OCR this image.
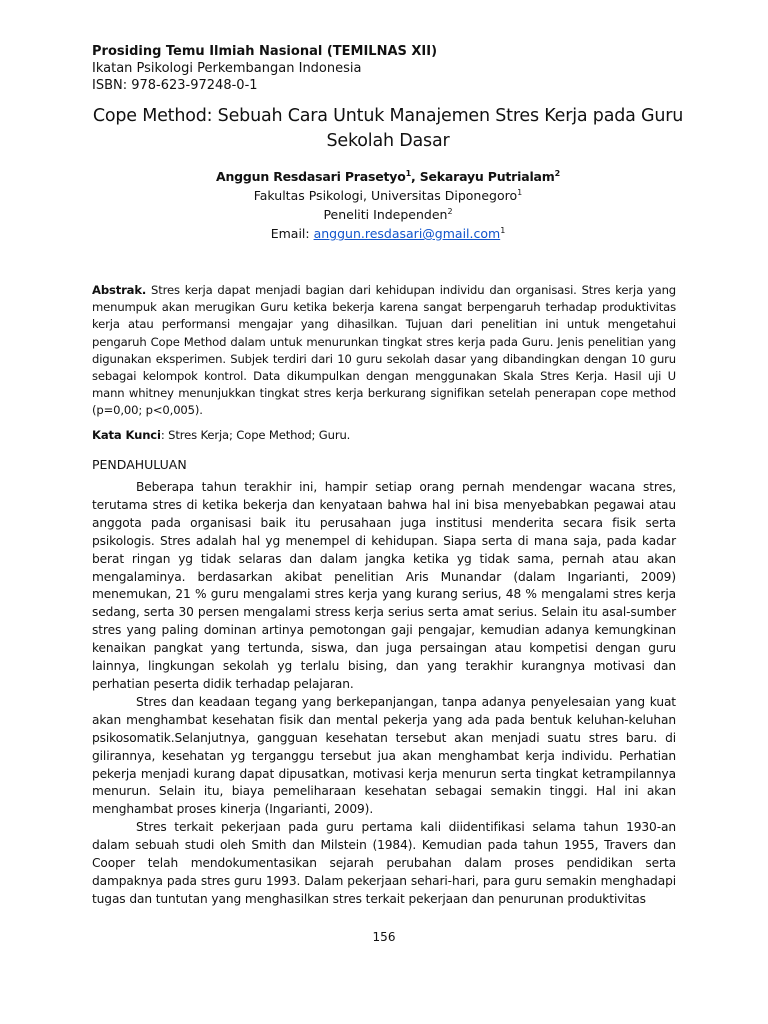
Prosiding Temu Ilmiah Nasional (TEMILNAS XII)
Ikatan Psikologi Perkembangan Indonesia
ISBN: 978-623-97248-0-1
Cope Method: Sebuah Cara Untuk Manajemen Stres Kerja pada Guru
Sekolah Dasar
Anggun Resdasari Prasetyo$^1$, Sekarayu Putrialam$^2$
Fakultas Psikologi, Universitas Diponegoro$^1$
Peneliti Independen$^2$
Email: anggun.resdasari@gmail.com$^1$
Abstrak. Stres kerja dapat menjadi bagian dari kehidupan individu dan organisasi. Stres kerja yang menumpuk akan merugikan Guru ketika bekerja karena sangat berpengaruh terhadap produktivitas kerja atau performansi mengajar yang dihasilkan. Tujuan dari penelitian ini untuk mengetahui pengaruh Cope Method dalam untuk menurunkan tingkat stres kerja pada Guru. Jenis penelitian yang digunakan eksperimen. Subjek terdiri dari 10 guru sekolah dasar yang dibandingkan dengan 10 guru sebagai kelompok kontrol. Data dikumpulkan dengan menggunakan Skala Stres Kerja. Hasil uji U mann whitney menunjukkan tingkat stres kerja berkurang signifikan setelah penerapan cope method (p=0,00; p<0,005).
Kata Kunci: Stres Kerja; Cope Method; Guru.
PENDAHULUAN

Beberapa tahun terakhir ini, hampir setiap orang pernah mendengar wacana stres, terutama stres di ketika bekerja dan kenyataan bahwa hal ini bisa menyebabkan pegawai atau anggota pada organisasi baik itu perusahaan juga institusi menderita secara fisik serta psikologis. Stres adalah hal yg menempel di kehidupan. Siapa serta di mana saja, pada kadar berat ringan yg tidak selaras dan dalam jangka ketika yg tidak sama, pernah atau akan mengalaminya. berdasarkan akibat penelitian Aris Munandar (dalam Ingarianti, 2009) menemukan, 21 % guru mengalami stres kerja yang kurang serius, 48 % mengalami stres kerja sedang, serta 30 persen mengalami stress kerja serius serta amat serius. Selain itu asal-sumber stres yang paling dominan artinya pemotongan gaji pengajar, kemudian adanya kemungkinan kenaikan pangkat yang tertunda, siswa, dan juga persaingan atau kompetisi dengan guru lainnya, lingkungan sekolah yg terlalu bising, dan yang terakhir kurangnya motivasi dan perhatian peserta didik terhadap pelajaran.

Stres dan keadaan tegang yang berkepanjangan, tanpa adanya penyelesaian yang kuat akan menghambat kesehatan fisik dan mental pekerja yang ada pada bentuk keluhan-keluhan psikosomatik.Selanjutnya, gangguan kesehatan tersebut akan menjadi suatu stres baru. di gilirannya, kesehatan yg terganggu tersebut jua akan menghambat kerja individu. Perhatian pekerja menjadi kurang dapat dipusatkan, motivasi kerja menurun serta tingkat ketrampilannya menurun. Selain itu, biaya pemeliharaan kesehatan sebagai semakin tinggi. Hal ini akan menghambat proses kinerja (Ingarianti, 2009).

Stres terkait pekerjaan pada guru pertama kali diidentifikasi selama tahun 1930-an dalam sebuah studi oleh Smith dan Milstein (1984). Kemudian pada tahun 1955, Travers dan Cooper telah mendokumentasikan sejarah perubahan dalam proses pendidikan serta dampaknya pada stres guru 1993. Dalam pekerjaan sehari-hari, para guru semakin menghadapi tugas dan tuntutan yang menghasilkan stres terkait pekerjaan dan penurunan produktivitas

156
